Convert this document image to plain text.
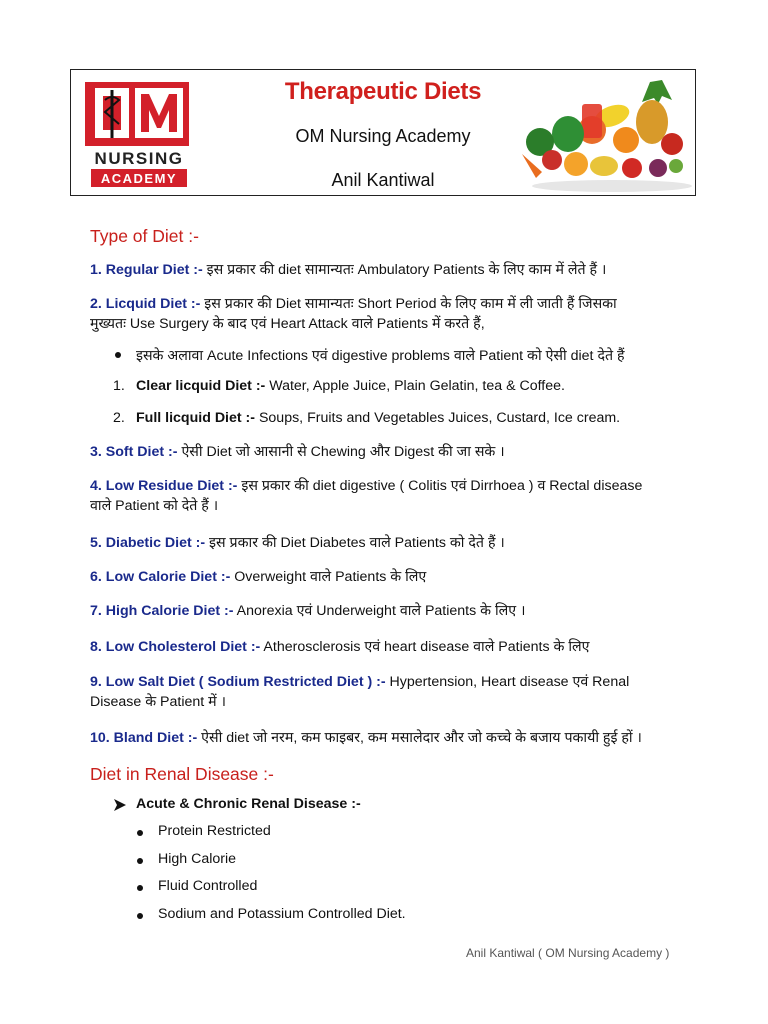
NURSING
ACADEMY
Therapeutic Diets
OM Nursing Academy
Anil Kantiwal
Type of Diet :-

1. Regular Diet :- इस प्रकार की diet सामान्यतः Ambulatory Patients के लिए काम में लेते हैं ।

2. Licquid Diet :- इस प्रकार की Diet सामान्यतः Short Period के लिए काम में ली जाती हैं जिसका

मुख्यतः Use Surgery के बाद एवं Heart Attack वाले Patients में करते हैं,

इसके अलावा Acute Infections एवं digestive problems वाले Patient को ऐसी diet देते हैं

1. Clear licquid Diet :- Water, Apple Juice, Plain Gelatin, tea & Coffee.

2. Full licquid Diet :- Soups, Fruits and Vegetables Juices, Custard, Ice cream.

3. Soft Diet :- ऐसी Diet जो आसानी से Chewing और Digest की जा सके ।

4. Low Residue Diet :- इस प्रकार की diet digestive ( Colitis एवं Dirrhoea ) व Rectal disease

वाले Patient को देते हैं ।

5. Diabetic Diet :- इस प्रकार की Diet Diabetes वाले Patients को देते हैं ।

6. Low Calorie Diet :- Overweight वाले Patients के लिए

7. High Calorie Diet :- Anorexia एवं Underweight वाले Patients के लिए ।

8. Low Cholesterol Diet :- Atherosclerosis एवं heart disease वाले Patients के लिए

9. Low Salt Diet ( Sodium Restricted Diet ) :- Hypertension, Heart disease एवं Renal

Disease के Patient में ।

10. Bland Diet :- ऐसी diet जो नरम, कम फाइबर, कम मसालेदार और जो कच्चे के बजाय पकायी हुई हों ।

Diet in Renal Disease :-

Acute & Chronic Renal Disease :-

Protein Restricted

High Calorie

Fluid Controlled

Sodium and Potassium Controlled Diet.

Anil Kantiwal ( OM Nursing Academy )
